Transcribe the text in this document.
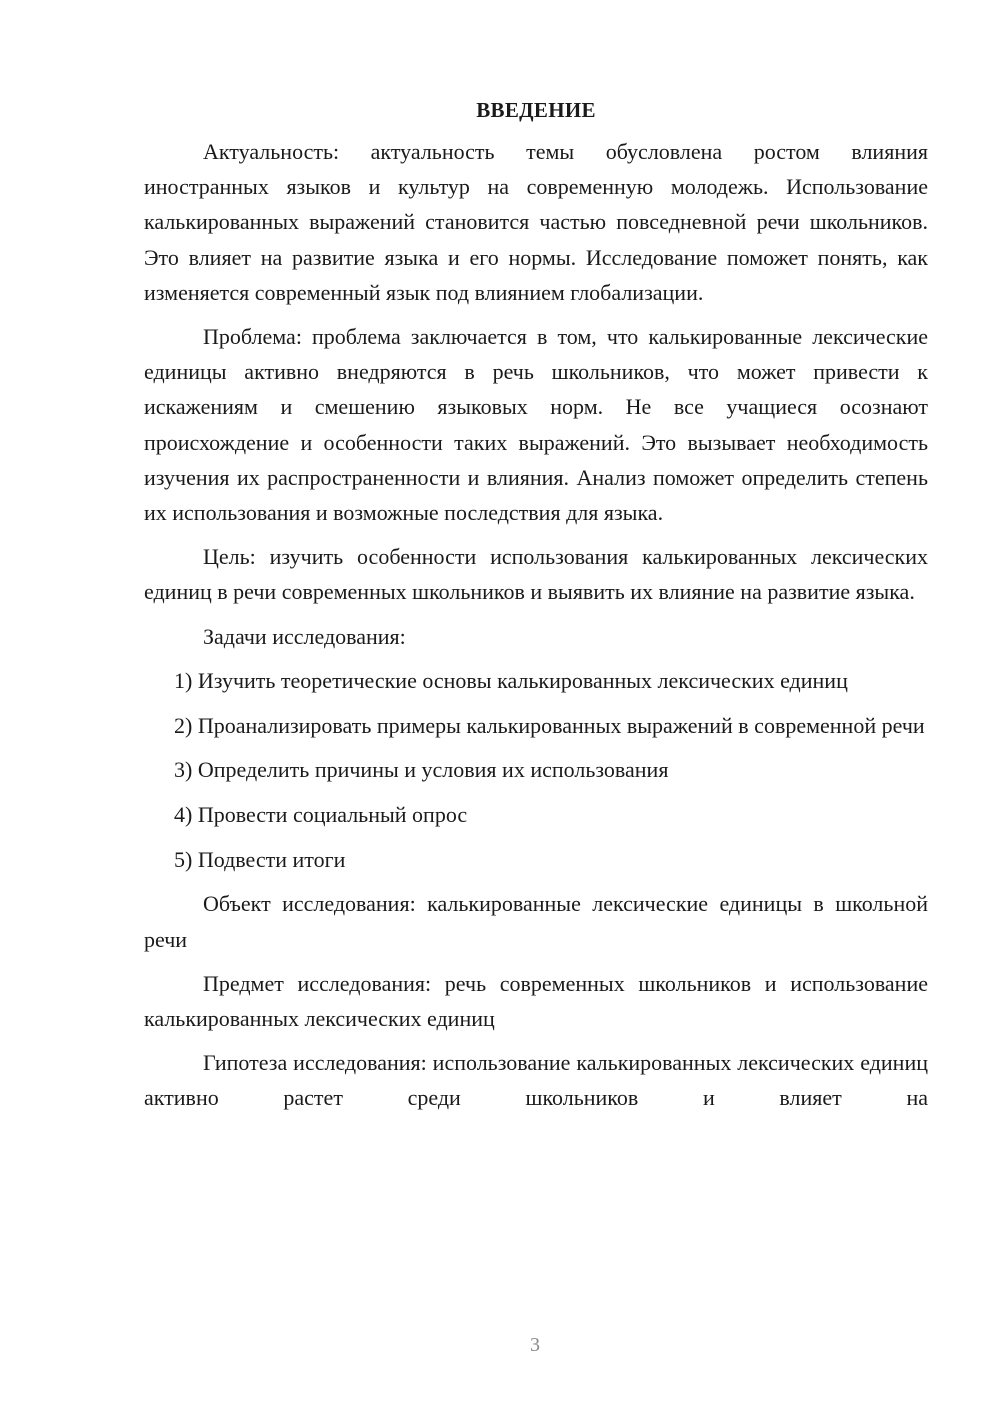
ВВЕДЕНИЕ

Актуальность: актуальность темы обусловлена ростом влияния иностранных языков и культур на современную молодежь. Использование калькированных выражений становится частью повседневной речи школьников. Это влияет на развитие языка и его нормы. Исследование поможет понять, как изменяется современный язык под влиянием глобализации.

Проблема: проблема заключается в том, что калькированные лексические единицы активно внедряются в речь школьников, что может привести к искажениям и смешению языковых норм. Не все учащиеся осознают происхождение и особенности таких выражений. Это вызывает необходимость изучения их распространенности и влияния. Анализ поможет определить степень их использования и возможные последствия для языка.

Цель: изучить особенности использования калькированных лексических единиц в речи современных школьников и выявить их влияние на развитие языка.

Задачи исследования:

1) Изучить теоретические основы калькированных лексических единиц

2) Проанализировать примеры калькированных выражений в современной речи

3) Определить причины и условия их использования

4) Провести социальный опрос

5) Подвести итоги

Объект исследования: калькированные лексические единицы в школьной речи

Предмет исследования: речь современных школьников и использование калькированных лексических единиц

Гипотеза исследования: использование калькированных лексических единиц активно растет среди школьников и влияет на

3
